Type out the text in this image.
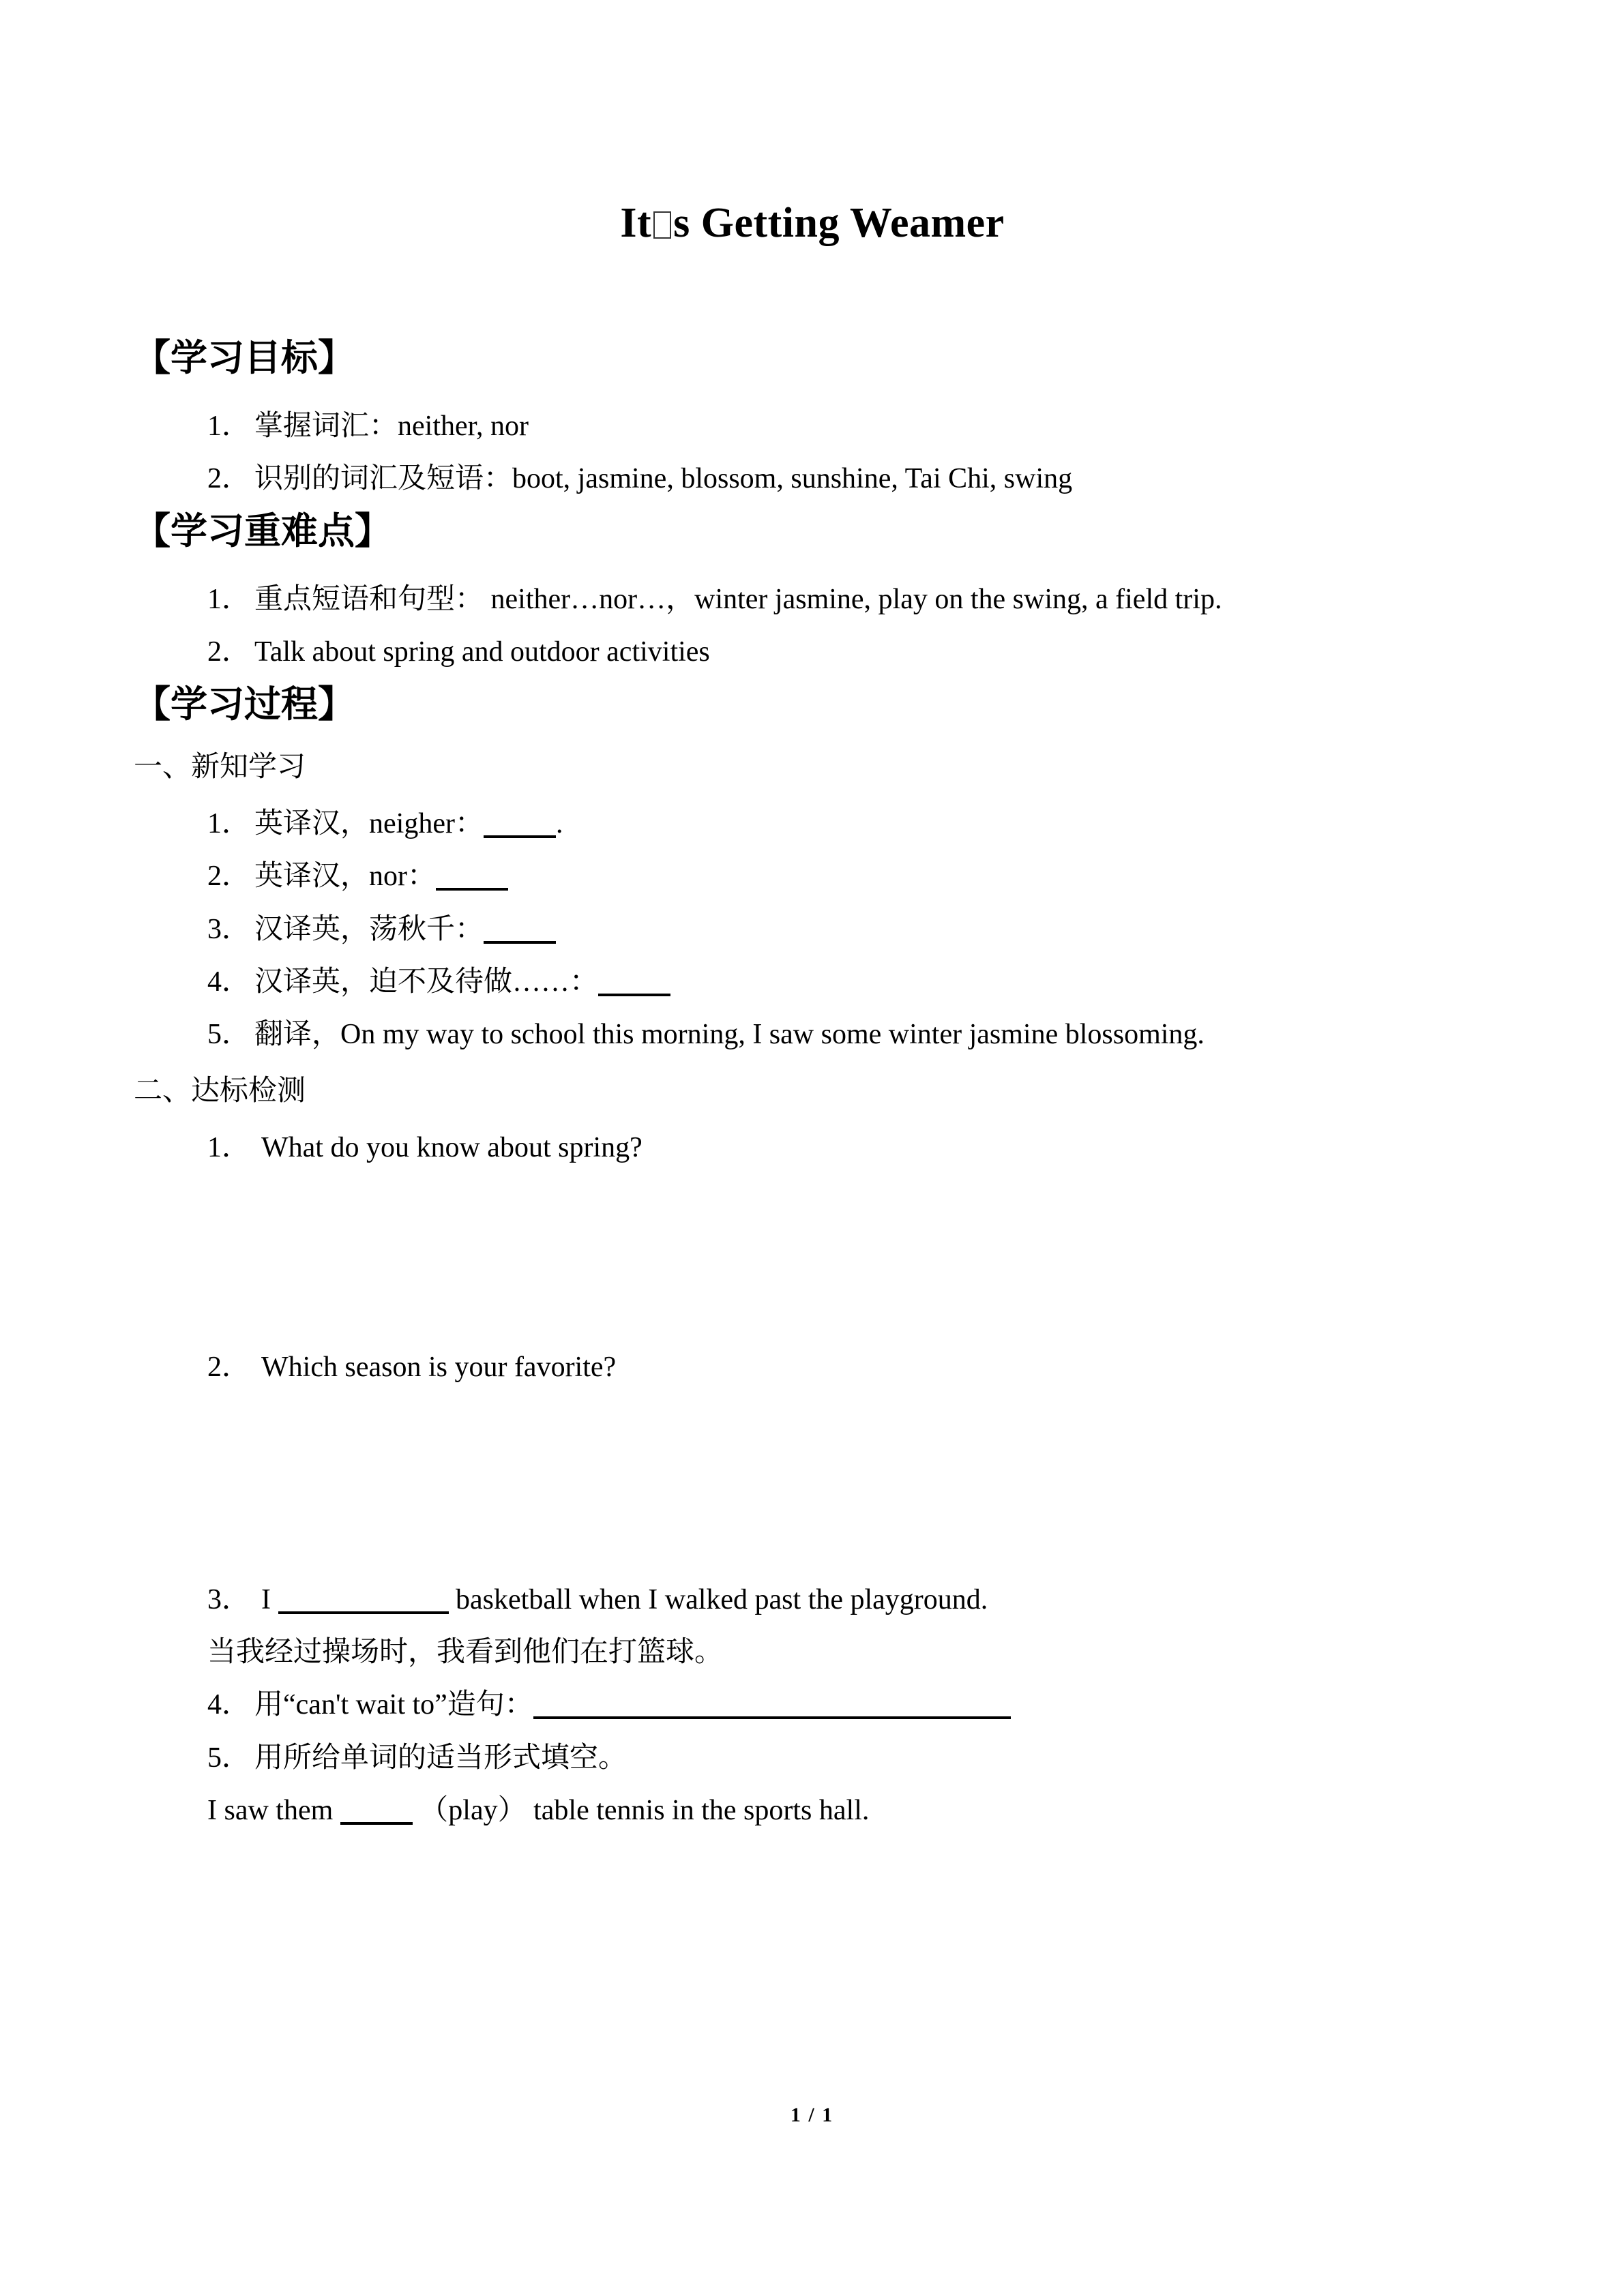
It s Getting Weamer
【学习目标】
1． 掌握词汇：neither, nor
2． 识别的词汇及短语：boot, jasmine, blossom, sunshine, Tai Chi, swing
【学习重难点】
1． 重点短语和句型： neither…nor…，winter jasmine, play on the swing, a field trip.
2． Talk about spring and outdoor activities
【学习过程】
一、新知学习
1． 英译汉，neigher：	.
2． 英译汉，nor：
3． 汉译英，荡秋千：
4． 汉译英，迫不及待做……：
5． 翻译，On my way to school this morning, I saw some winter jasmine blossoming.
二、达标检测
1． What do you know about spring?
2． Which season is your favorite?
3． I	basketball when I walked past the playground.
当我经过操场时，我看到他们在打篮球。
4． 用“can't wait to”造句：
5． 用所给单词的适当形式填空。
I saw them	（play） table tennis in the sports hall.
1 / 1
